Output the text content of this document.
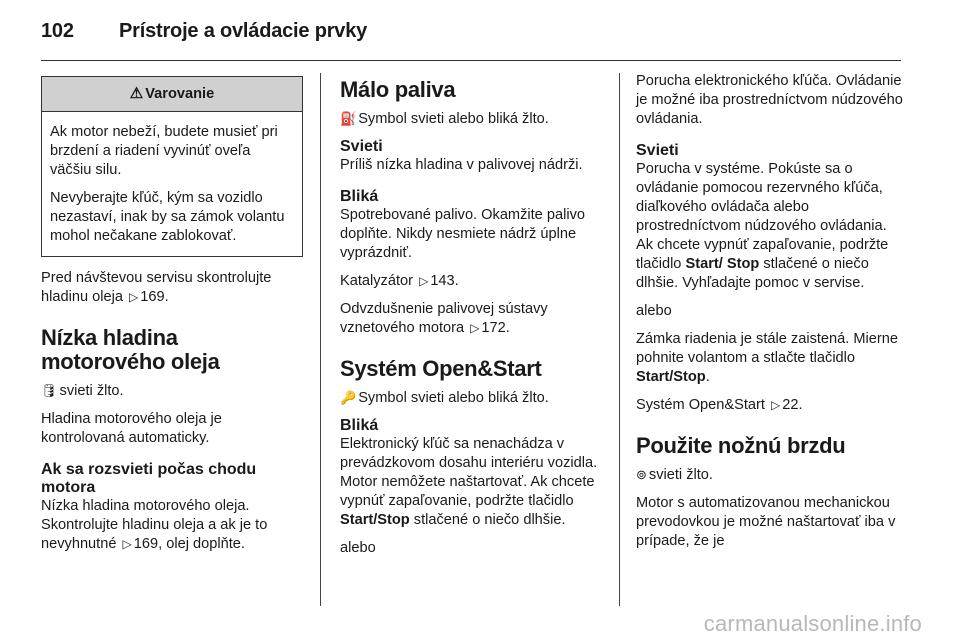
102 Prístroje a ovládacie prvky
⚠ Varovanie

Ak motor nebeží, budete musieť pri brzdení a riadení vyvinúť oveľa väčšiu silu.

Nevyberajte kľúč, kým sa vozidlo nezastaví, inak by sa zámok volantu mohol nečakane zablokovať.

Pred návštevou servisu skontrolujte hladinu oleja ▷ 169.

Nízka hladina motorového oleja

🛢 svieti žlto.

Hladina motorového oleja je kontrolovaná automaticky.

Ak sa rozsvieti počas chodu motora

Nízka hladina motorového oleja. Skontrolujte hladinu oleja a ak je to nevyhnutné ▷ 169, olej doplňte.

Málo paliva

⛽ Symbol svieti alebo bliká žlto.

Svieti

Príliš nízka hladina v palivovej nádrži.

Bliká

Spotrebované palivo. Okamžite palivo doplňte. Nikdy nesmiete nádrž úplne vyprázdniť.

Katalyzátor ▷ 143.

Odvzdušnenie palivovej sústavy vznetového motora ▷ 172.

Systém Open&Start

🔑 Symbol svieti alebo bliká žlto.

Bliká

Elektronický kľúč sa nenachádza v prevádzkovom dosahu interiéru vozidla. Motor nemôžete naštartovať. Ak chcete vypnúť zapaľovanie, podržte tlačidlo Start/Stop stlačené o niečo dlhšie.

alebo

Porucha elektronického kľúča. Ovládanie je možné iba prostredníctvom núdzového ovládania.

Svieti

Porucha v systéme. Pokúste sa o ovládanie pomocou rezervného kľúča, diaľkového ovládača alebo prostredníctvom núdzového ovládania. Ak chcete vypnúť zapaľovanie, podržte tlačidlo Start/ Stop stlačené o niečo dlhšie. Vyhľadajte pomoc v servise.

alebo

Zámka riadenia je stále zaistená. Mierne pohnite volantom a stlačte tlačidlo Start/Stop.

Systém Open&Start ▷ 22.

Použite nožnú brzdu

⊚ svieti žlto.

Motor s automatizovanou mechanickou prevodovkou je možné naštartovať iba v prípade, že je

carmanualsonline.info
